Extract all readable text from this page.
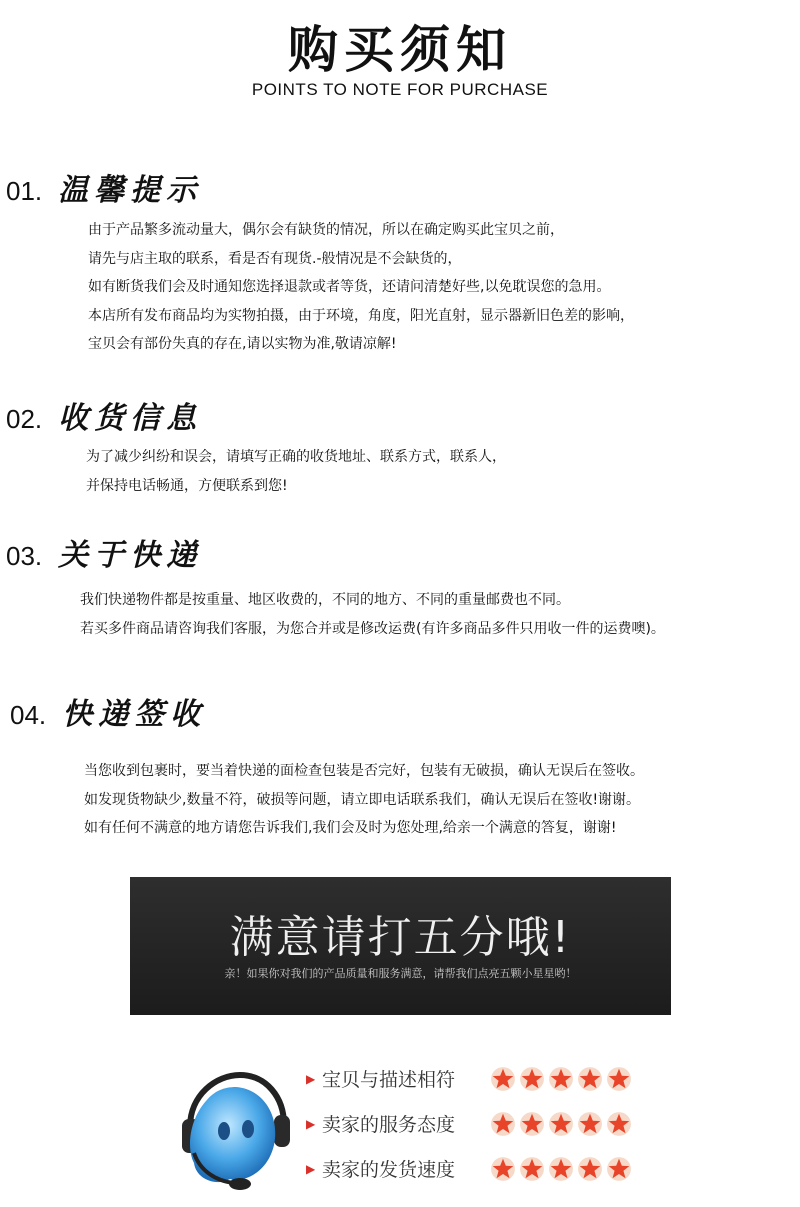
购买须知
POINTS TO NOTE FOR PURCHASE
01. 温馨提示
由于产品繁多流动量大，偶尔会有缺货的情况，所以在确定购买此宝贝之前，
请先与店主取的联系，看是否有现货.-般情况是不会缺货的，
如有断货我们会及时通知您选择退款或者等货，还请问清楚好些,以免耽误您的急用。
本店所有发布商品均为实物拍摄，由于环境，角度，阳光直射，显示器新旧色差的影响，
宝贝会有部份失真的存在,请以实物为准,敬请凉解!
02. 收货信息
为了减少纠纷和误会，请填写正确的收货地址、联系方式，联系人，
并保持电话畅通，方便联系到您!
03. 关于快递
我们快递物件都是按重量、地区收费的，不同的地方、不同的重量邮费也不同。
若买多件商品请咨询我们客服，为您合并或是修改运费(有许多商品多件只用收一件的运费噢)。
04. 快递签收
当您收到包裹时，要当着快递的面检查包装是否完好，包装有无破损，确认无误后在签收。
如发现货物缺少,数量不符，破损等问题，请立即电话联系我们，确认无误后在签收!谢谢。
如有任何不满意的地方请您告诉我们,我们会及时为您处理,给亲一个满意的答复，谢谢!
满意请打五分哦!
亲！如果你对我们的产品质量和服务满意，请帮我们点亮五颗小星星哟！
▶ 宝贝与描述相符
▶ 卖家的服务态度
▶ 卖家的发货速度
